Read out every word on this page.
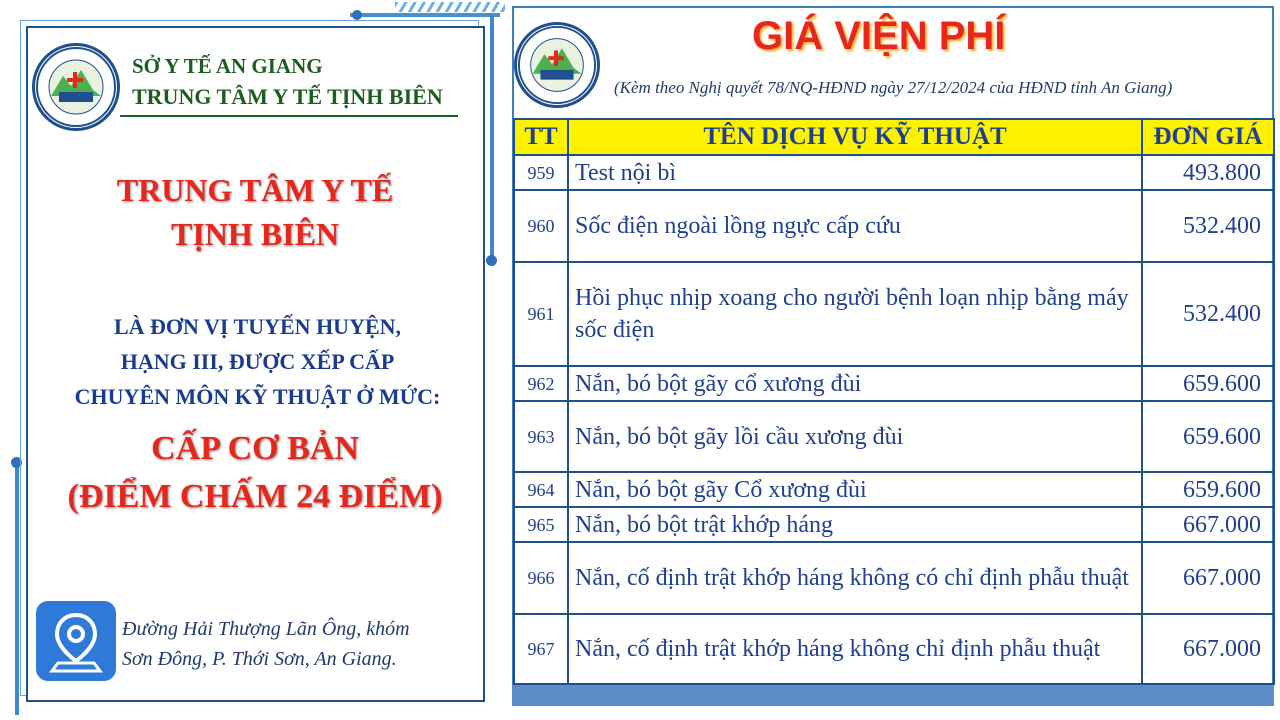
SỞ Y TẾ AN GIANG
TRUNG TÂM Y TẾ TỊNH BIÊN
TRUNG TÂM Y TẾ
TỊNH BIÊN
LÀ ĐƠN VỊ TUYẾN HUYỆN,
HẠNG III, ĐƯỢC XẾP CẤP
CHUYÊN MÔN KỸ THUẬT Ở MỨC:
CẤP CƠ BẢN
(ĐIỂM CHẤM 24 ĐIỂM)
Đường Hải Thượng Lãn Ông, khóm
Sơn Đông, P. Thới Sơn, An Giang.
GIÁ VIỆN PHÍ
(Kèm theo Nghị quyết 78/NQ-HĐND ngày 27/12/2024 của HĐND tỉnh An Giang)
TT	TÊN DỊCH VỤ KỸ THUẬT	ĐƠN GIÁ
959	Test nội bì	493.800
960	Sốc điện ngoài lồng ngực cấp cứu	532.400
961	Hồi phục nhịp xoang cho người bệnh loạn nhịp bằng máy sốc điện	532.400
962	Nắn, bó bột gãy cổ xương đùi	659.600
963	Nắn, bó bột gãy lồi cầu xương đùi	659.600
964	Nắn, bó bột gãy Cổ xương đùi	659.600
965	Nắn, bó bột trật khớp háng	667.000
966	Nắn, cố định trật khớp háng không có chỉ định phẫu thuật	667.000
967	Nắn, cố định trật khớp háng không chỉ định phẫu thuật	667.000
